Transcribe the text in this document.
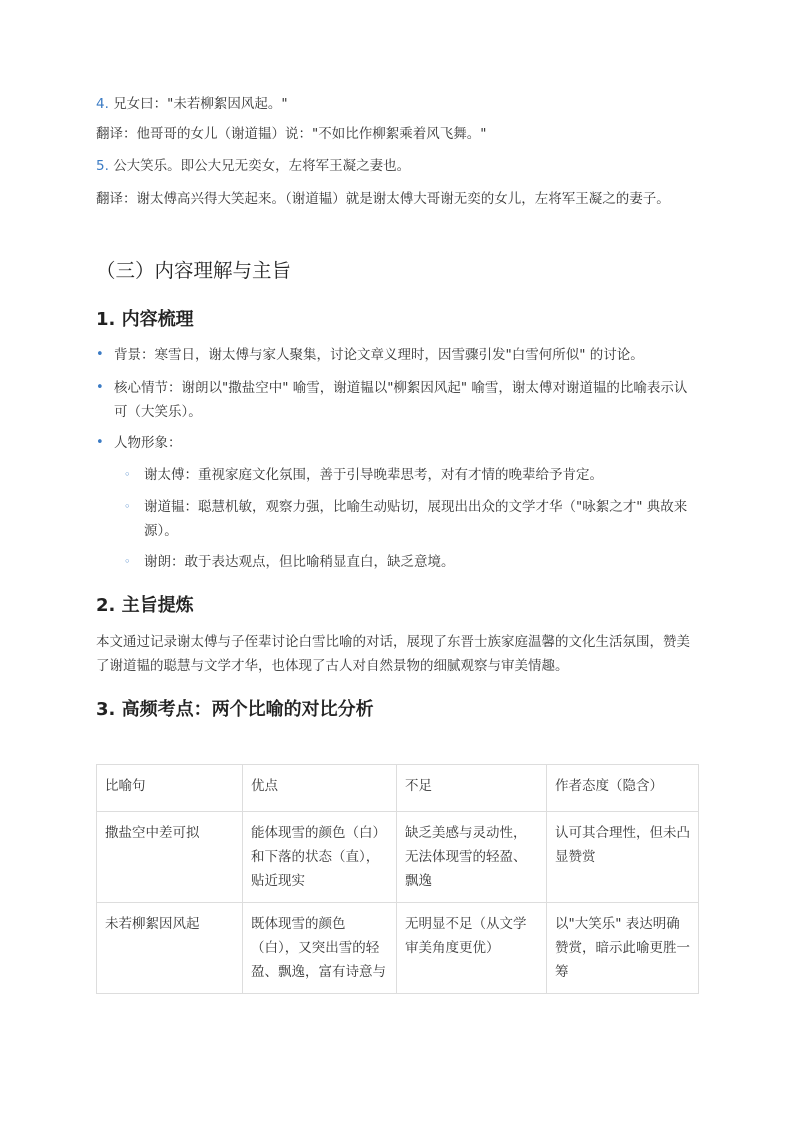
4. 兄女曰："未若柳絮因风起。"

翻译：他哥哥的女儿（谢道韫）说："不如比作柳絮乘着风飞舞。"

5. 公大笑乐。即公大兄无奕女，左将军王凝之妻也。

翻译：谢太傅高兴得大笑起来。（谢道韫）就是谢太傅大哥谢无奕的女儿，左将军王凝之的妻子。

（三）内容理解与主旨
1. 内容梳理
• 背景：寒雪日，谢太傅与家人聚集，讨论文章义理时，因雪骤引发"白雪何所似" 的讨论。
• 核心情节：谢朗以"撒盐空中" 喻雪，谢道韫以"柳絮因风起" 喻雪，谢太傅对谢道韫的比喻表示认可（大笑乐）。
• 人物形象：
◦ 谢太傅：重视家庭文化氛围，善于引导晚辈思考，对有才情的晚辈给予肯定。
◦ 谢道韫：聪慧机敏，观察力强，比喻生动贴切，展现出出众的文学才华（"咏絮之才" 典故来源）。
◦ 谢朗：敢于表达观点，但比喻稍显直白，缺乏意境。
2. 主旨提炼

本文通过记录谢太傅与子侄辈讨论白雪比喻的对话，展现了东晋士族家庭温馨的文化生活氛围，赞美了谢道韫的聪慧与文学才华，也体现了古人对自然景物的细腻观察与审美情趣。

3. 高频考点：两个比喻的对比分析
比喻句	优点	不足	作者态度（隐含）
撒盐空中差可拟	能体现雪的颜色（白）和下落的状态（直），贴近现实	缺乏美感与灵动性，无法体现雪的轻盈、飘逸	认可其合理性，但未凸显赞赏
未若柳絮因风起	既体现雪的颜色（白），又突出雪的轻盈、飘逸，富有诗意与	无明显不足（从文学审美角度更优）	以"大笑乐" 表达明确赞赏，暗示此喻更胜一筹
